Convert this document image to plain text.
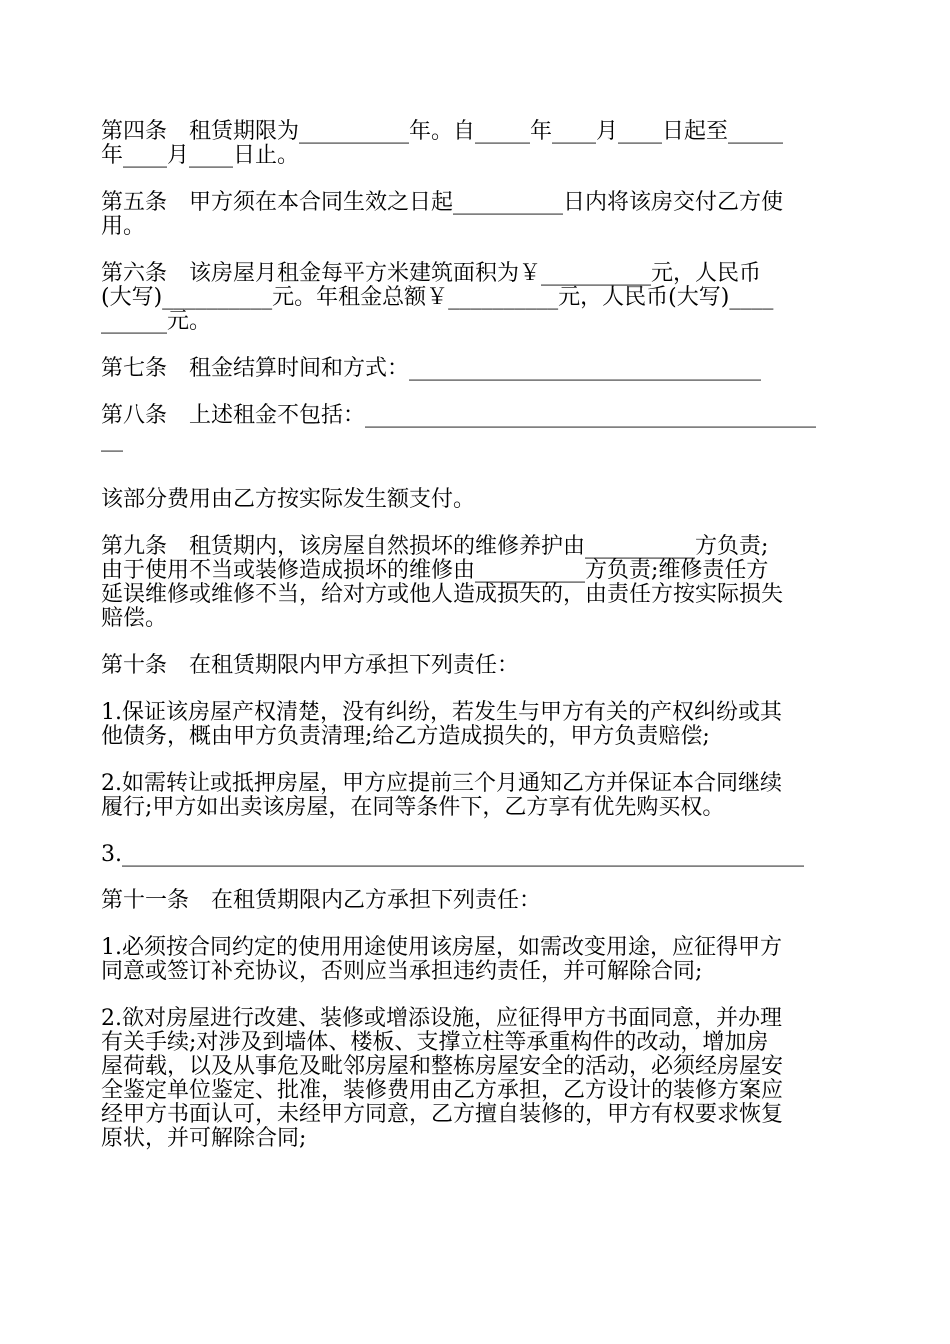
第四条　租赁期限为__________年。自_____年____月____日起至_____
年____月____日止。

第五条　甲方须在本合同生效之日起__________日内将该房交付乙方使
用。

第六条　该房屋月租金每平方米建筑面积为￥__________元，人民币
(大写)__________元。年租金总额￥__________元，人民币(大写)____
______元。

第七条　租金结算时间和方式：________________________________

第八条　上述租金不包括：_________________________________________
__

该部分费用由乙方按实际发生额支付。

第九条　租赁期内，该房屋自然损坏的维修养护由__________方负责;
由于使用不当或装修造成损坏的维修由__________方负责;维修责任方
延误维修或维修不当，给对方或他人造成损失的，由责任方按实际损失
赔偿。

第十条　在租赁期限内甲方承担下列责任：

1.保证该房屋产权清楚，没有纠纷，若发生与甲方有关的产权纠纷或其
他债务，概由甲方负责清理;给乙方造成损失的，甲方负责赔偿;

2.如需转让或抵押房屋，甲方应提前三个月通知乙方并保证本合同继续
履行;甲方如出卖该房屋，在同等条件下，乙方享有优先购买权。

3.______________________________________________________________

第十一条　在租赁期限内乙方承担下列责任：

1.必须按合同约定的使用用途使用该房屋，如需改变用途，应征得甲方
同意或签订补充协议，否则应当承担违约责任，并可解除合同;

2.欲对房屋进行改建、装修或增添设施，应征得甲方书面同意，并办理
有关手续;对涉及到墙体、楼板、支撑立柱等承重构件的改动，增加房
屋荷载，以及从事危及毗邻房屋和整栋房屋安全的活动，必须经房屋安
全鉴定单位鉴定、批准，装修费用由乙方承担，乙方设计的装修方案应
经甲方书面认可，未经甲方同意，乙方擅自装修的，甲方有权要求恢复
原状，并可解除合同;
